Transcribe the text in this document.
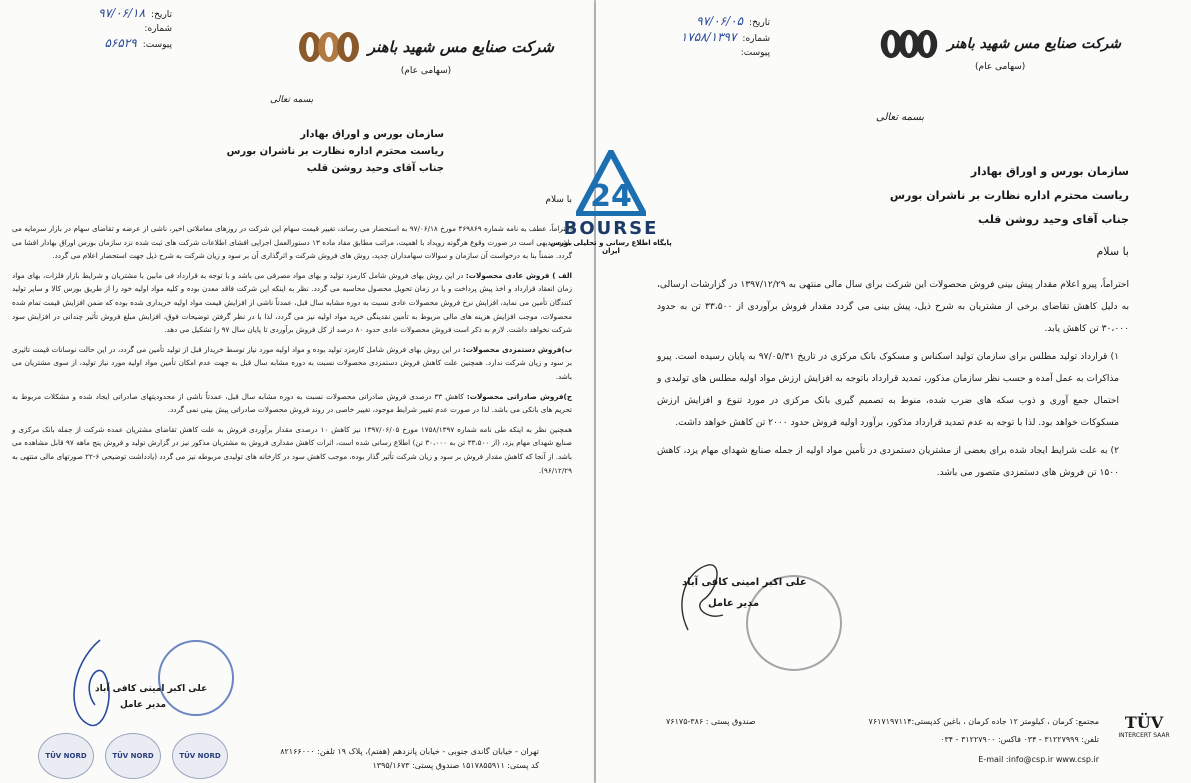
شرکت صنایع مس شهید باهنر
(سهامی عام)
تاریخ:
۹۷/۰۶/۱۸
شماره:
پیوست:
۵۶۵۲۹
بسمه تعالی
سازمان بورس و اوراق بهادار
ریاست محترم اداره نظارت بر ناشران بورس
جناب آقای وحید روشن قلب
با سلام

احتراماً، عطف به نامه شماره ۴۶۹۸۶۹ مورخ ۹۷/۰۶/۱۸ به استحضار می رساند، تغییر قیمت سهام این شرکت در روزهای معاملاتی اخیر، ناشی از عرضه و تقاضای سهام در بازار سرمایه می باشد، بدیهی است در صورت وقوع هرگونه رویداد با اهمیت، مراتب مطابق مفاد ماده ۱۳ دستورالعمل اجرایی افشای اطلاعات شرکت های ثبت شده نزد سازمان بورس اوراق بهادار افشا می گردد. ضمناً بنا به درخواست آن سازمان و سوالات سهامداران جدید، روش های فروش شرکت و اثرگذاری آن بر سود و زیان شرکت به شرح ذیل جهت استحضار اعلام می گردد.

الف ) فروش عادی محصولات: در این روش بهای فروش شامل کارمزد تولید و بهای مواد مصرفی می باشد و با توجه به قرارداد فی مابین با مشتریان و شرایط بازار فلزات، بهای مواد زمان انعقاد قرارداد و اخذ پیش پرداخت و یا در زمان تحویل محصول محاسبه می گردد. نظر به اینکه این شرکت فاقد معدن بوده و کلیه مواد اولیه خود را از طریق بورس کالا و سایر تولید کنندگان تأمین می نماید، افزایش نرخ فروش محصولات عادی نسبت به دوره مشابه سال قبل، عمدتاً ناشی از افزایش قیمت مواد اولیه خریداری شده بوده که ضمن افزایش قیمت تمام شده محصولات، موجب افزایش هزینه های مالی مربوط به تأمین نقدینگی خرید مواد اولیه نیز می گردد، لذا با در نظر گرفتن توضیحات فوق، افزایش مبلغ فروش تأثیر چندانی در افزایش سود شرکت نخواهد داشت. لازم به ذکر است فروش محصولات عادی حدود ۸۰ درصد از کل فروش برآوردی تا پایان سال ۹۷ را تشکیل می دهد.

ب)فروش دستمزدی محصولات: در این روش بهای فروش شامل کارمزد تولید بوده و مواد اولیه مورد نیاز توسط خریدار قبل از تولید تأمین می گردد، در این حالت نوسانات قیمت تاثیری بر سود و زیان شرکت ندارد. همچنین علت کاهش فروش دستمزدی محصولات نسبت به دوره مشابه سال قبل به جهت عدم امکان تأمین مواد اولیه مورد نیاز تولید، از سوی مشتریان می باشد.

ج)فروش صادراتی محصولات: کاهش ۳۳ درصدی فروش صادراتی محصولات نسبت به دوره مشابه سال قبل، عمدتاً ناشی از محدودیتهای صادراتی ایجاد شده و مشکلات مربوط به تحریم های بانکی می باشد. لذا در صورت عدم تغییر شرایط موجود، تغییر خاصی در روند فروش محصولات صادراتی پیش بینی نمی گردد.

همچنین نظر به اینکه طی نامه شماره ۱۷۵۸/۱۳۹۷ مورخ ۱۳۹۷/۰۶/۰۵ نیز کاهش ۱۰ درصدی مقدار برآوردی فروش به علت کاهش تقاضای مشتریان عمده شرکت از جمله بانک مرکزی و صنایع شهدای مهام یزد، (از ۳۳،۵۰۰ تن به ۳۰،۰۰۰ تن) اطلاع رسانی شده است، اثرات کاهش مقداری فروش به مشتریان مذکور نیز در گزارش تولید و فروش پنج ماهه ۹۷ قابل مشاهده می باشد. از آنجا که کاهش مقدار فروش بر سود و زیان شرکت تأثیر گذار بوده، موجب کاهش سود در کارخانه های تولیدی مربوطه نیز می گردد (یادداشت توضیحی ۶-۲۲ صورتهای مالی منتهی به ۹۶/۱۲/۲۹).

علی اکبر امینی کافی آباد
مدیر عامل
TÜV NORD	TÜV NORD	TÜV NORD	تهران - خیابان گاندی جنوبی - خیابان پانزدهم (هفتم)، پلاک ۱۹ تلفن: ۸۲۱۶۶۰۰۰
کد پستی: ۱۵۱۷۸۵۵۹۱۱ صندوق پستی: ۱۳۹۵/۱۶۷۳
شرکت صنایع مس شهید باهنر
(سهامی عام)
تاریخ:
۹۷/۰۶/۰۵
شماره:
۱۷۵۸/۱۳۹۷
پیوست:
بسمه تعالی
سازمان بورس و اوراق بهادار
ریاست محترم اداره نظارت بر ناشران بورس
جناب آقای وحید روشن قلب
با سلام

احتراماً، پیرو اعلام مقدار پیش بینی فروش محصولات این شرکت برای سال مالی منتهی به ۱۳۹۷/۱۲/۲۹ در گزارشات ارسالی، به دلیل کاهش تقاضای برخی از مشتریان به شرح ذیل، پیش بینی می گردد مقدار فروش برآوردی از ۳۳،۵۰۰ تن به حدود ۳۰،۰۰۰ تن کاهش یابد.

۱) قرارداد تولید مطلس برای سازمان تولید اسکناس و مسکوک بانک مرکزی در تاریخ ۹۷/۰۵/۳۱ به پایان رسیده است. پیرو مذاکرات به عمل آمده و حسب نظر سازمان مذکور، تمدید قرارداد باتوجه به افزایش ارزش مواد اولیه مطلس های تولیدی و احتمال جمع آوری و ذوب سکه های ضرب شده، منوط به تصمیم گیری بانک مرکزی در مورد تنوع و افزایش ارزش مسکوکات خواهد بود. لذا با توجه به عدم تمدید قرارداد مذکور، برآورد اولیه فروش حدود ۲۰۰۰ تن کاهش خواهد داشت.

۲) به علت شرایط ایجاد شده برای بعضی از مشتریان دستمزدی در تأمین مواد اولیه از جمله صنایع شهدای مهام یزد، کاهش ۱۵۰۰ تن فروش های دستمزدی متصور می باشد.

علی اکبر امینی کافی آباد
مدیر عامل
TÜV
INTERCERT SAAR
مجتمع: کرمان ، کیلومتر ۱۲ جاده کرمان ، باغین کدپستی:۷۶۱۷۱۹۷۱۱۴
صندوق پستی : ۳۸۶-۷۶۱۷۵
تلفن: ۳۱۲۲۷۹۹۹ - ۰۳۴ فاکس: ۳۱۲۲۷۹۰۰ - ۰۳۴
E-mail :info@csp.ir www.csp.ir
24
BOURSE
پایگاه اطلاع رسانی و تحلیلی بورس ایران
